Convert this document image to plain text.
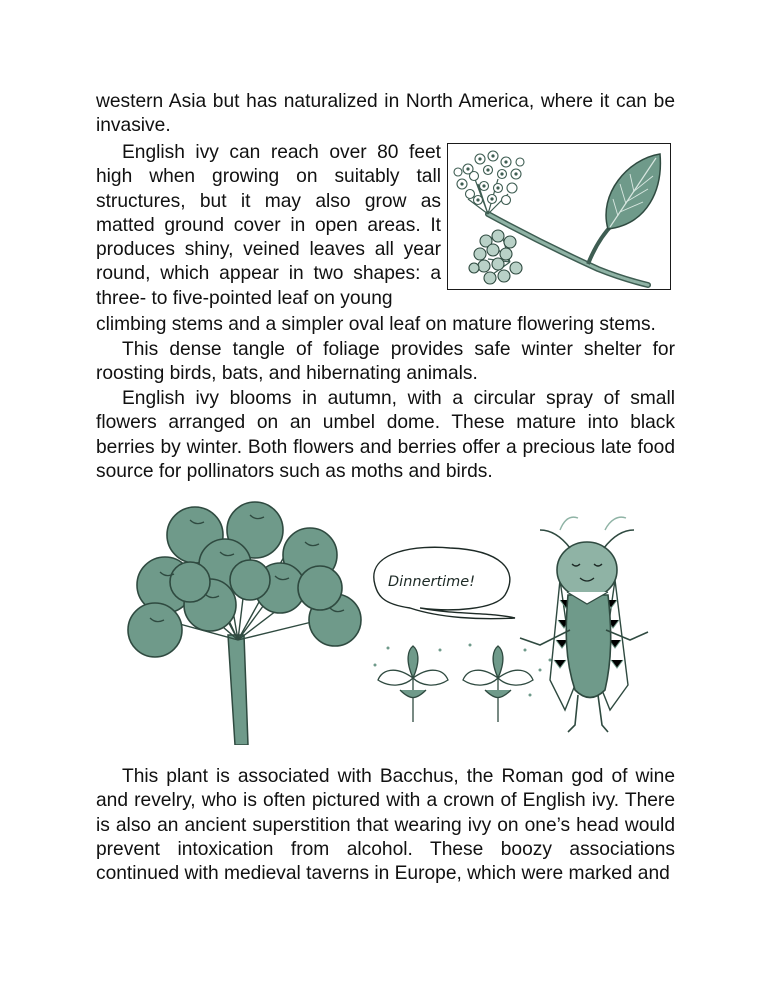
western Asia but has naturalized in North America, where it can be invasive.

English ivy can reach over 80 feet high when growing on suitably tall structures, but it may also grow as matted ground cover in open areas. It produces shiny, veined leaves all year round, which appear in two shapes: a three- to five-pointed leaf on young

climbing stems and a simpler oval leaf on mature flowering stems.

This dense tangle of foliage provides safe winter shelter for roosting birds, bats, and hibernating animals.

English ivy blooms in autumn, with a circular spray of small flowers arranged on an umbel dome. These mature into black berries by winter. Both flowers and berries offer a precious late food source for pollinators such as moths and birds.

Dinnertime!

This plant is associated with Bacchus, the Roman god of wine and revelry, who is often pictured with a crown of English ivy. There is also an ancient superstition that wearing ivy on one’s head would prevent intoxication from alcohol. These boozy associations continued with medieval taverns in Europe, which were marked and
